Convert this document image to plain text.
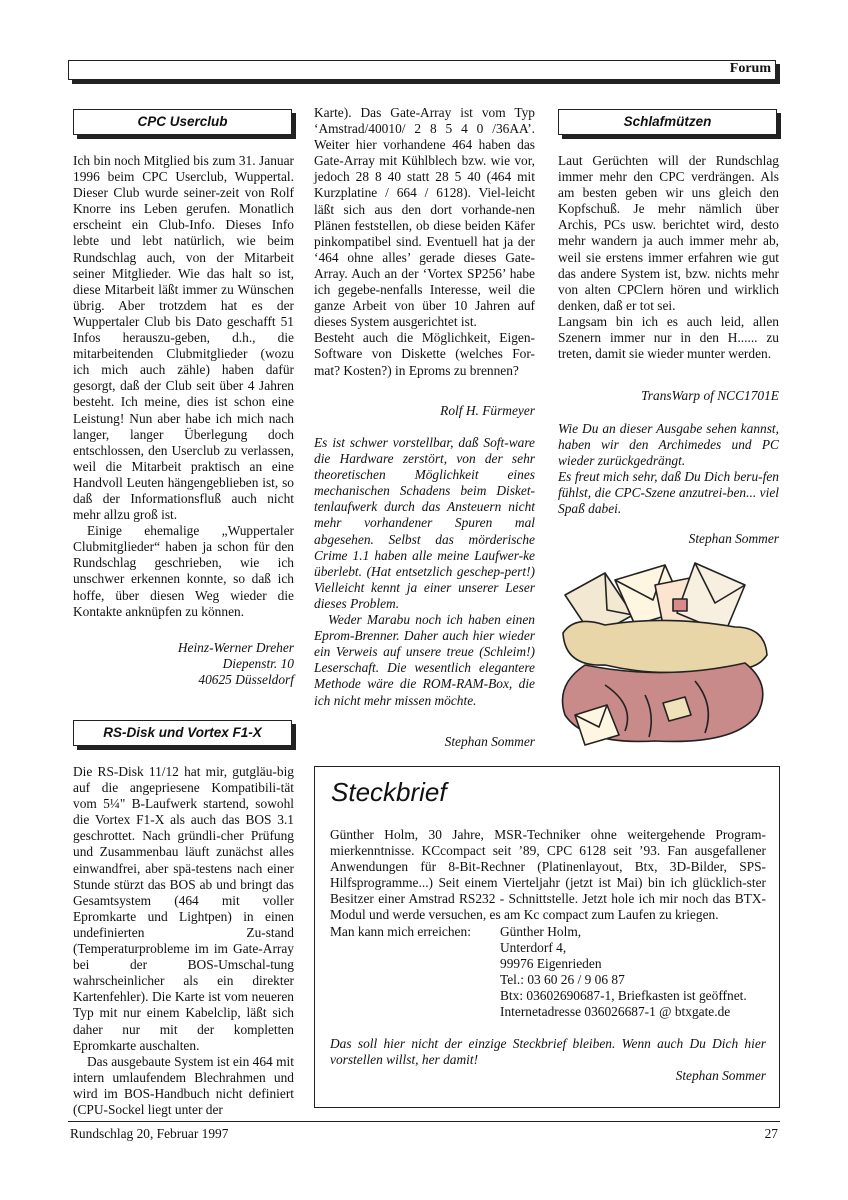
Forum
CPC Userclub

Ich bin noch Mitglied bis zum 31. Januar 1996 beim CPC Userclub, Wuppertal. Dieser Club wurde seiner-zeit von Rolf Knorre ins Leben gerufen. Monatlich erscheint ein Club-Info. Dieses Info lebte und lebt natürlich, wie beim Rundschlag auch, von der Mitarbeit seiner Mitglieder. Wie das halt so ist, diese Mitarbeit läßt immer zu Wünschen übrig. Aber trotzdem hat es der Wuppertaler Club bis Dato geschafft 51 Infos herauszu-geben, d.h., die mitarbeitenden Clubmitglieder (wozu ich mich auch zähle) haben dafür gesorgt, daß der Club seit über 4 Jahren besteht. Ich meine, dies ist schon eine Leistung! Nun aber habe ich mich nach langer, langer Überlegung doch entschlossen, den Userclub zu verlassen, weil die Mitarbeit praktisch an eine Handvoll Leuten hängengeblieben ist, so daß der Informationsfluß auch nicht mehr allzu groß ist.

Einige ehemalige „Wuppertaler Clubmitglieder“ haben ja schon für den Rundschlag geschrieben, wie ich unschwer erkennen konnte, so daß ich hoffe, über diesen Weg wieder die Kontakte anknüpfen zu können.

Heinz-Werner Dreher
Diepenstr. 10
40625 Düsseldorf
RS-Disk und Vortex F1-X

Die RS-Disk 11/12 hat mir, gutgläu-big auf die angepriesene Kompatibili-tät vom 5¼" B-Laufwerk startend, sowohl die Vortex F1-X als auch das BOS 3.1 geschrottet. Nach gründli-cher Prüfung und Zusammenbau läuft zunächst alles einwandfrei, aber spä-testens nach einer Stunde stürzt das BOS ab und bringt das Gesamtsystem (464 mit voller Epromkarte und Lightpen) in einen undefinierten Zu-stand (Temperaturprobleme im im Gate-Array bei der BOS-Umschal-tung wahrscheinlicher als ein direkter Kartenfehler). Die Karte ist vom neueren Typ mit nur einem Kabelclip, läßt sich daher nur mit der kompletten Epromkarte auschalten.

Das ausgebaute System ist ein 464 mit intern umlaufendem Blechrahmen und wird im BOS-Handbuch nicht definiert (CPU-Sockel liegt unter der

Karte). Das Gate-Array ist vom Typ ‘Amstrad/40010/ 2 8 5 4 0 /36AA’. Weiter hier vorhandene 464 haben das Gate-Array mit Kühlblech bzw. wie vor, jedoch 28 8 40 statt 28 5 40 (464 mit Kurzplatine / 664 / 6128). Viel-leicht läßt sich aus den dort vorhande-nen Plänen feststellen, ob diese beiden Käfer pinkompatibel sind. Eventuell hat ja der ‘464 ohne alles’ gerade dieses Gate-Array. Auch an der ‘Vortex SP256’ habe ich gegebe-nenfalls Interesse, weil die ganze Arbeit von über 10 Jahren auf dieses System ausgerichtet ist.

Besteht auch die Möglichkeit, Eigen-Software von Diskette (welches For-mat? Kosten?) in Eproms zu brennen?

Rolf H. Fürmeyer

Es ist schwer vorstellbar, daß Soft-ware die Hardware zerstört, von der sehr theoretischen Möglichkeit eines mechanischen Schadens beim Disket-tenlaufwerk durch das Ansteuern nicht mehr vorhandener Spuren mal abgesehen. Selbst das mörderische Crime 1.1 haben alle meine Laufwer-ke überlebt. (Hat entsetzlich geschep-pert!) Vielleicht kennt ja einer unserer Leser dieses Problem.

Weder Marabu noch ich haben einen Eprom-Brenner. Daher auch hier wieder ein Verweis auf unsere treue (Schleim!) Leserschaft. Die wesentlich elegantere Methode wäre die ROM-RAM-Box, die ich nicht mehr missen möchte.

Stephan Sommer
Schlafmützen

Laut Gerüchten will der Rundschlag immer mehr den CPC verdrängen. Als am besten geben wir uns gleich den Kopfschuß. Je mehr nämlich über Archis, PCs usw. berichtet wird, desto mehr wandern ja auch immer mehr ab, weil sie erstens immer erfahren wie gut das andere System ist, bzw. nichts mehr von alten CPClern hören und wirklich denken, daß er tot sei.

Langsam bin ich es auch leid, allen Szenern immer nur in den H...... zu treten, damit sie wieder munter werden.

TransWarp of NCC1701E

Wie Du an dieser Ausgabe sehen kannst, haben wir den Archimedes und PC wieder zurückgedrängt.

Es freut mich sehr, daß Du Dich beru-fen fühlst, die CPC-Szene anzutrei-ben... viel Spaß dabei.

Stephan Sommer
Steckbrief

Günther Holm, 30 Jahre, MSR-Techniker ohne weitergehende Program-mierkenntnisse. KCcompact seit ’89, CPC 6128 seit ’93. Fan ausgefallener Anwendungen für 8-Bit-Rechner (Platinenlayout, Btx, 3D-Bilder, SPS-Hilfsprogramme...) Seit einem Vierteljahr (jetzt ist Mai) bin ich glücklich-ster Besitzer einer Amstrad RS232 - Schnittstelle. Jetzt hole ich mir noch das BTX-Modul und werde versuchen, es am Kc compact zum Laufen zu kriegen.

Man kann mich erreichen:	Günther Holm,
Unterdorf 4,
99976 Eigenrieden
Tel.: 03 60 26 / 9 06 87
Btx: 03602690687-1, Briefkasten ist geöffnet.
Internetadresse 036026687-1 @ btxgate.de

Das soll hier nicht der einzige Steckbrief bleiben. Wenn auch Du Dich hier vorstellen willst, her damit!

Stephan Sommer
Rundschlag 20, Februar 1997	27
